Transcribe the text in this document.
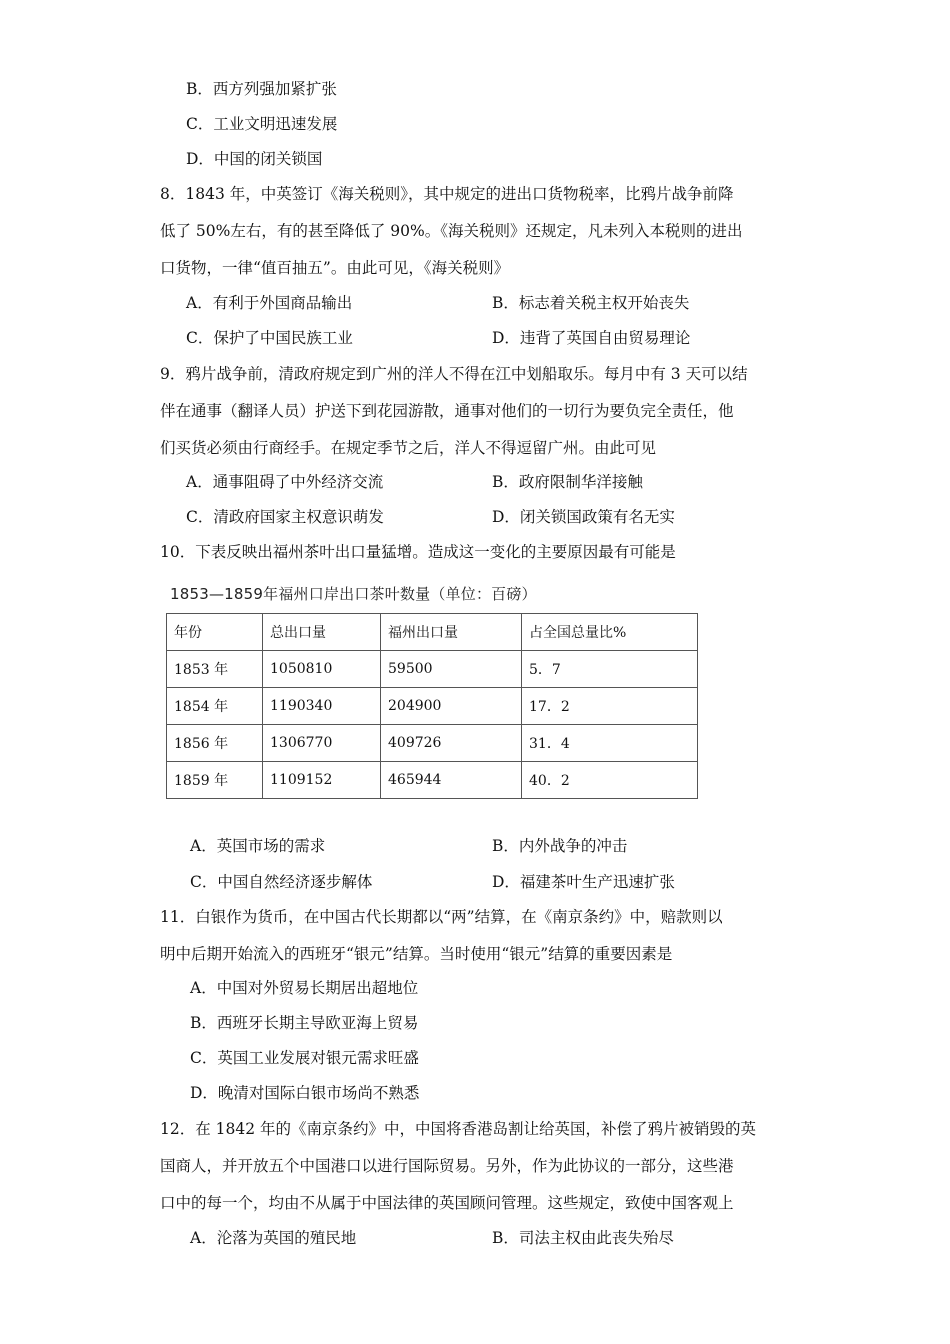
B．西方列强加紧扩张
C．工业文明迅速发展
D．中国的闭关锁国
8．1843 年，中英签订《海关税则》，其中规定的进出口货物税率，比鸦片战争前降
低了 50%左右，有的甚至降低了 90%。《海关税则》还规定，凡未列入本税则的进出
口货物，一律“值百抽五”。由此可见，《海关税则》
A．有利于外国商品输出	B．标志着关税主权开始丧失
C．保护了中国民族工业	D．违背了英国自由贸易理论
9．鸦片战争前，清政府规定到广州的洋人不得在江中划船取乐。每月中有 3 天可以结
伴在通事（翻译人员）护送下到花园游散，通事对他们的一切行为要负完全责任，他
们买货必须由行商经手。在规定季节之后，洋人不得逗留广州。由此可见
A．通事阻碍了中外经济交流	B．政府限制华洋接触
C．清政府国家主权意识萌发	D．闭关锁国政策有名无实
10．下表反映出福州茶叶出口量猛增。造成这一变化的主要原因最有可能是
1853—1859年福州口岸出口茶叶数量（单位：百磅）
年份	总出口量	福州出口量	占全国总量比%
1853 年	1050810	59500	5．7
1854 年	1190340	204900	17．2
1856 年	1306770	409726	31．4
1859 年	1109152	465944	40．2
A．英国市场的需求	B．内外战争的冲击
C．中国自然经济逐步解体	D．福建茶叶生产迅速扩张
11．白银作为货币，在中国古代长期都以“两”结算，在《南京条约》中，赔款则以
明中后期开始流入的西班牙“银元”结算。当时使用“银元”结算的重要因素是
A．中国对外贸易长期居出超地位
B．西班牙长期主导欧亚海上贸易
C．英国工业发展对银元需求旺盛
D．晚清对国际白银市场尚不熟悉
12．在 1842 年的《南京条约》中，中国将香港岛割让给英国，补偿了鸦片被销毁的英
国商人，并开放五个中国港口以进行国际贸易。另外，作为此协议的一部分，这些港
口中的每一个，均由不从属于中国法律的英国顾问管理。这些规定，致使中国客观上
A．沦落为英国的殖民地	B．司法主权由此丧失殆尽
